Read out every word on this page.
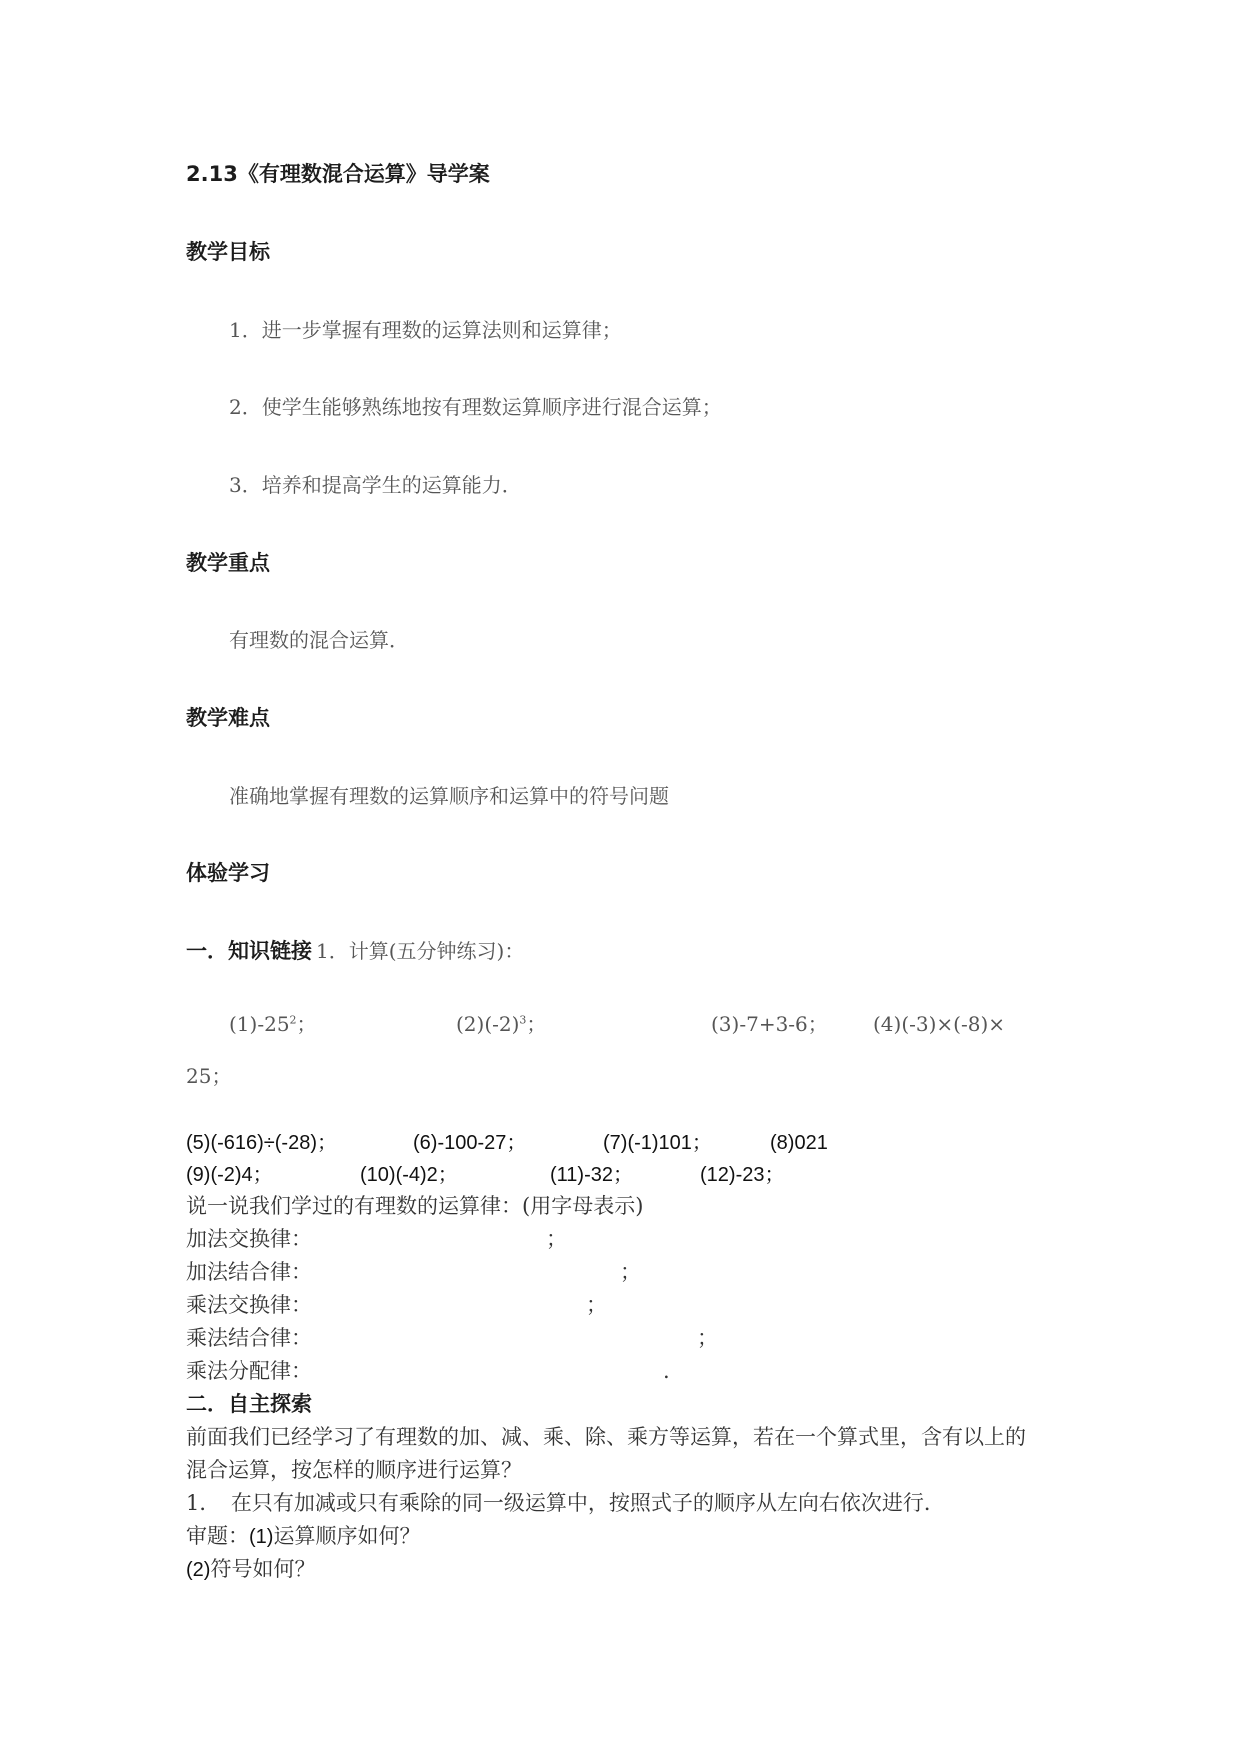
2.13《有理数混合运算》导学案
教学目标
1．进一步掌握有理数的运算法则和运算律；
2．使学生能够熟练地按有理数运算顺序进行混合运算；
3．培养和提高学生的运算能力．
教学重点
有理数的混合运算．
教学难点
准确地掌握有理数的运算顺序和运算中的符号问题
体验学习
一．知识链接 1．计算(五分钟练习)：
$(1)-25^2$；	$(2)(-2)^3$；	(3)-7+3-6； (4)(-3)×(-8)×
25；
(5)(-616)÷(-28)；	(6)-100-27；	(7)(-1)101；	(8)021
(9)(-2)4；	(10)(-4)2；	(11)-32；	(12)-23；
说一说我们学过的有理数的运算律：(用字母表示)
加法交换律：	；
加法结合律：	；
乘法交换律：	；
乘法结合律：	；
乘法分配律：	.
二．自主探索
前面我们已经学习了有理数的加、减、乘、除、乘方等运算，若在一个算式里，含有以上的
混合运算，按怎样的顺序进行运算？
1．　在只有加减或只有乘除的同一级运算中，按照式子的顺序从左向右依次进行．
审题：(1)运算顺序如何？
(2)符号如何？
